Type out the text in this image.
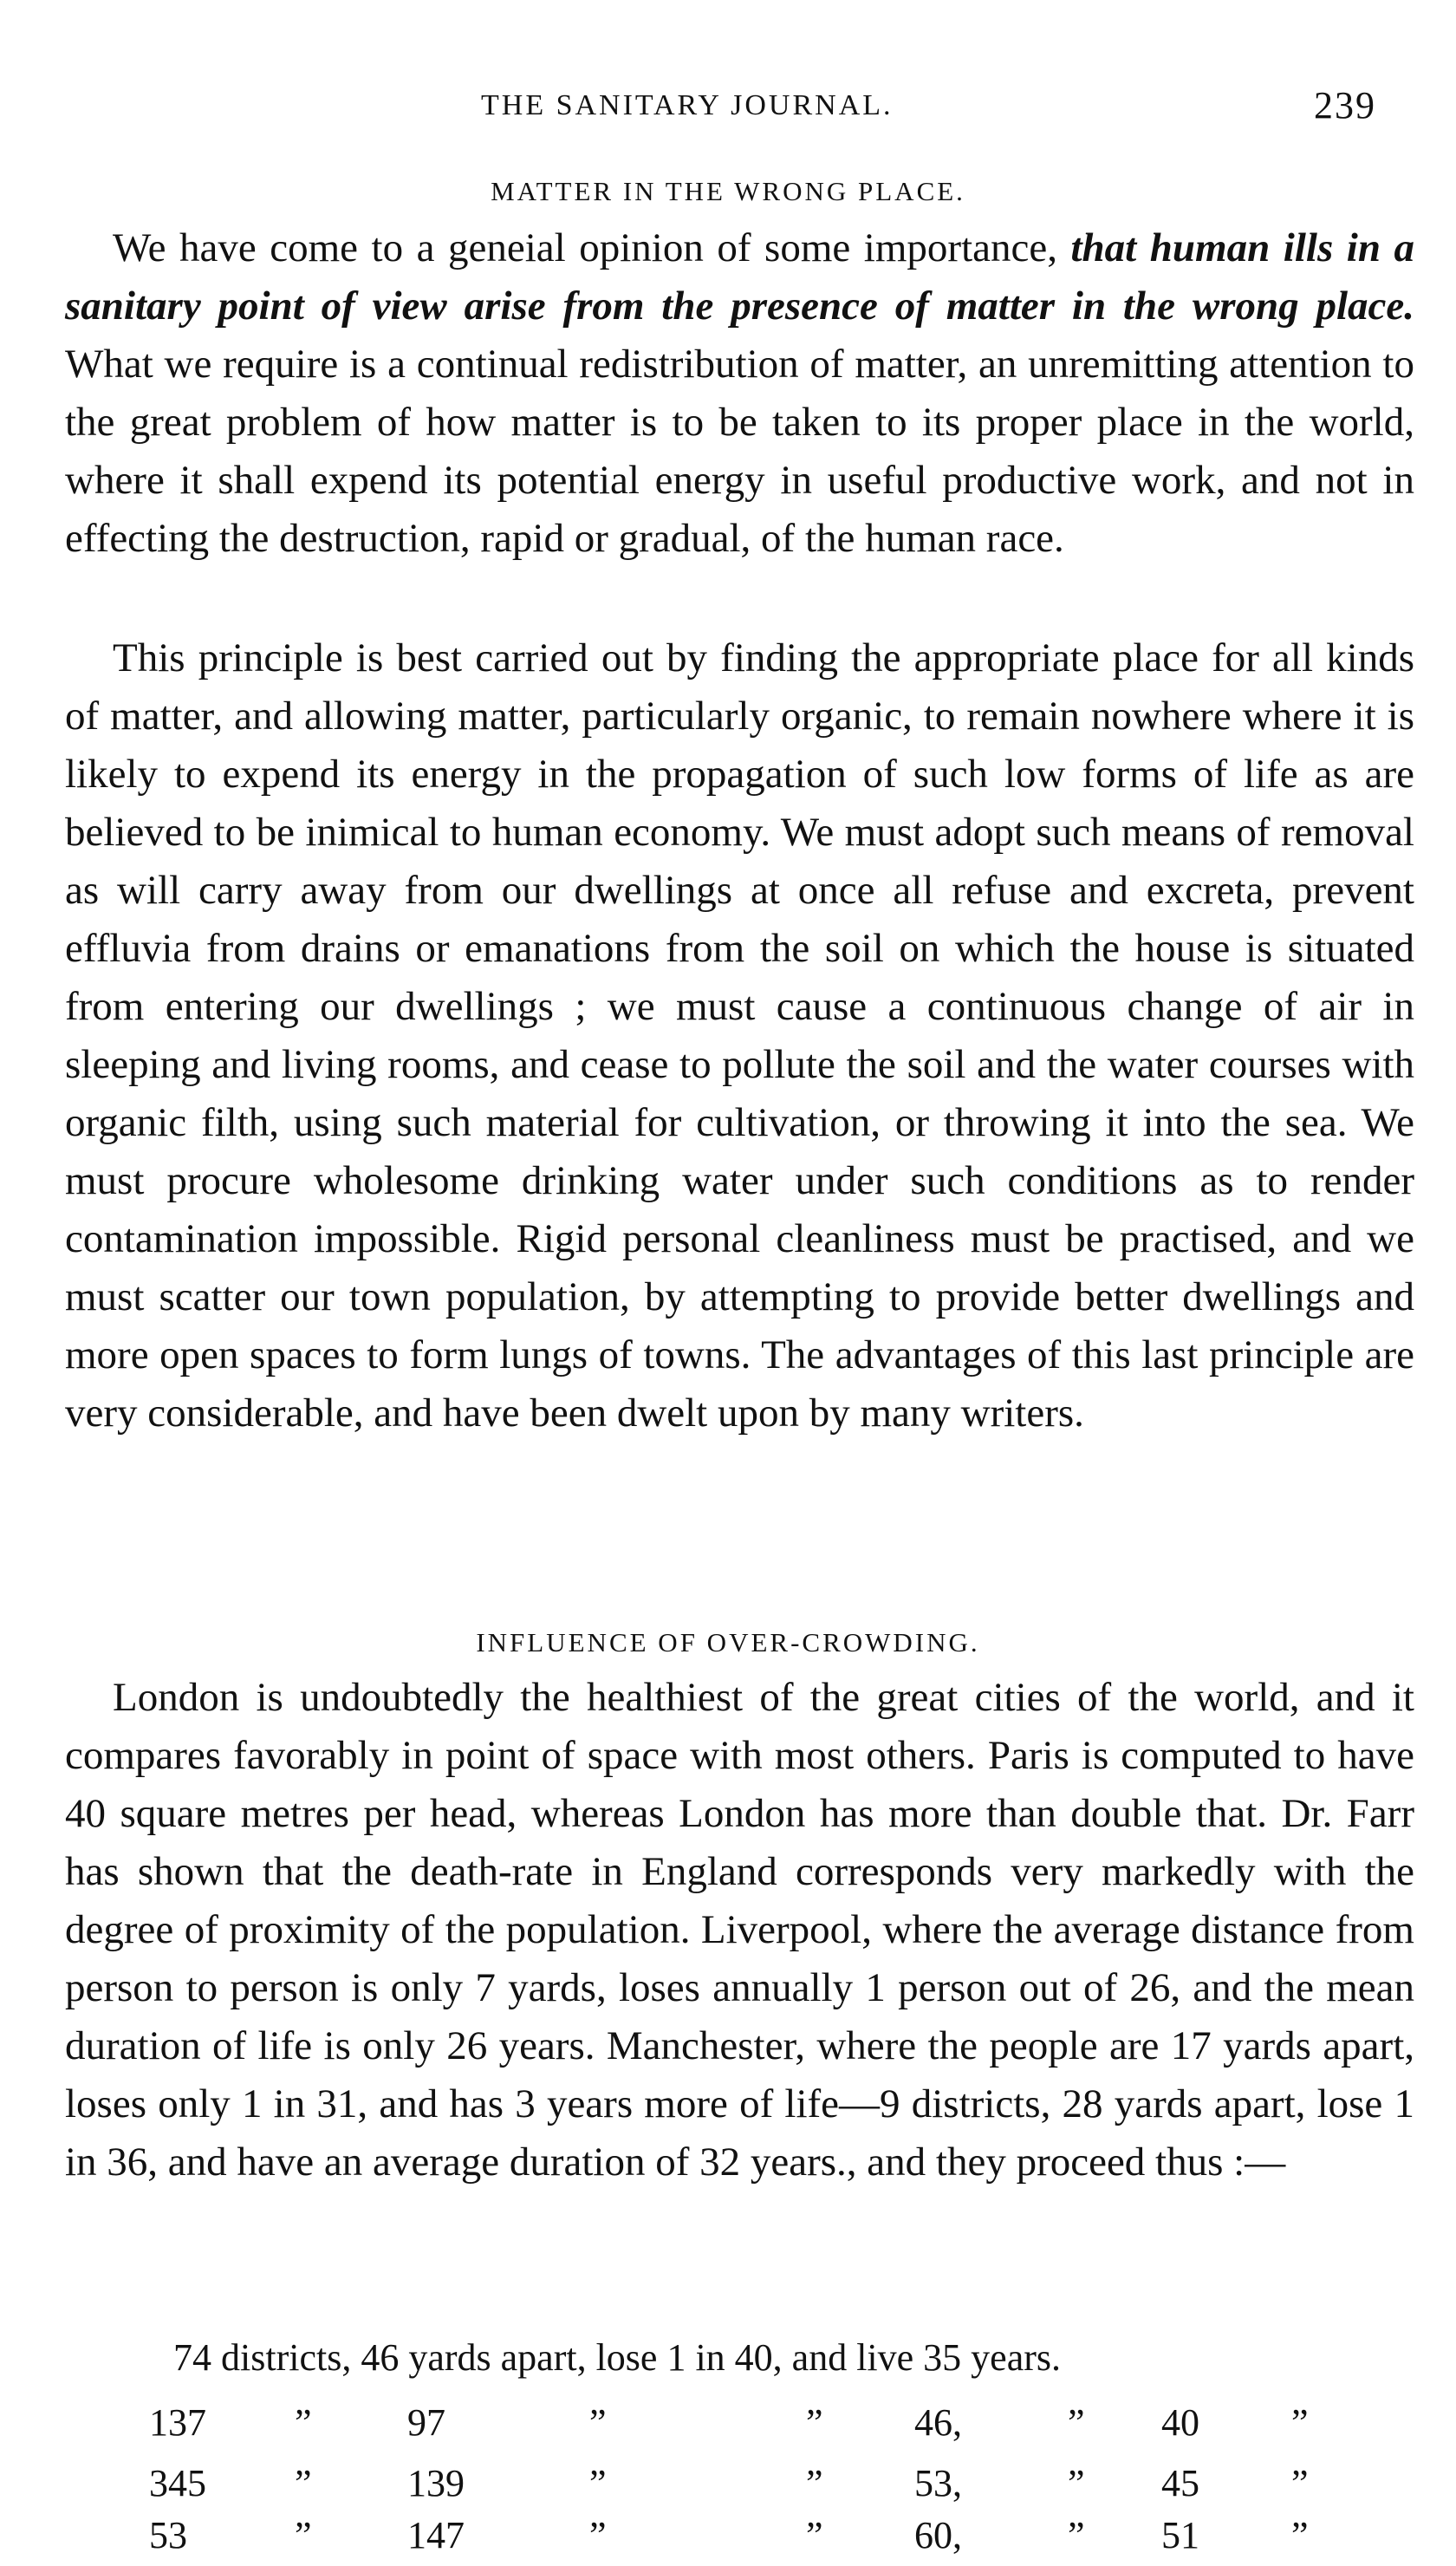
THE SANITARY JOURNAL.	239
MATTER IN THE WRONG PLACE.

We have come to a geneial opinion of some importance, that human ills in a sanitary point of view arise from the presence of matter in the wrong place. What we require is a continual redistribution of matter, an unremitting attention to the great problem of how matter is to be taken to its proper place in the world, where it shall expend its potential energy in useful productive work, and not in effecting the destruction, rapid or gradual, of the human race.

This principle is best carried out by finding the appropriate place for all kinds of matter, and allowing matter, particularly organic, to remain nowhere where it is likely to expend its energy in the propagation of such low forms of life as are believed to be inimical to human economy. We must adopt such means of removal as will carry away from our dwellings at once all refuse and excreta, prevent effluvia from drains or emanations from the soil on which the house is situated from entering our dwellings ; we must cause a continuous change of air in sleeping and living rooms, and cease to pollute the soil and the water courses with organic filth, using such material for cultivation, or throwing it into the sea. We must procure wholesome drinking water under such conditions as to render contamination impossible. Rigid personal cleanliness must be practised, and we must scatter our town population, by attempting to provide better dwellings and more open spaces to form lungs of towns. The advantages of this last principle are very considerable, and have been dwelt upon by many writers.

INFLUENCE OF OVER-CROWDING.

London is undoubtedly the healthiest of the great cities of the world, and it compares favorably in point of space with most others. Paris is computed to have 40 square metres per head, whereas London has more than double that. Dr. Farr has shown that the death-rate in England corresponds very markedly with the degree of proximity of the population. Liverpool, where the average distance from person to person is only 7 yards, loses annually 1 person out of 26, and the mean duration of life is only 26 years. Manchester, where the people are 17 yards apart, loses only 1 in 31, and has 3 years more of life—9 districts, 28 yards apart, lose 1 in 36, and have an average duration of 32 years., and they proceed thus :—

74 districts, 46 yards apart, lose 1 in 40, and live 35 years.
137 ”	97	”	” 46,	” 40 ”
345 ”	139	”	” 53,	” 45 ”
53	”	147	”	” 60,	” 51 ”
